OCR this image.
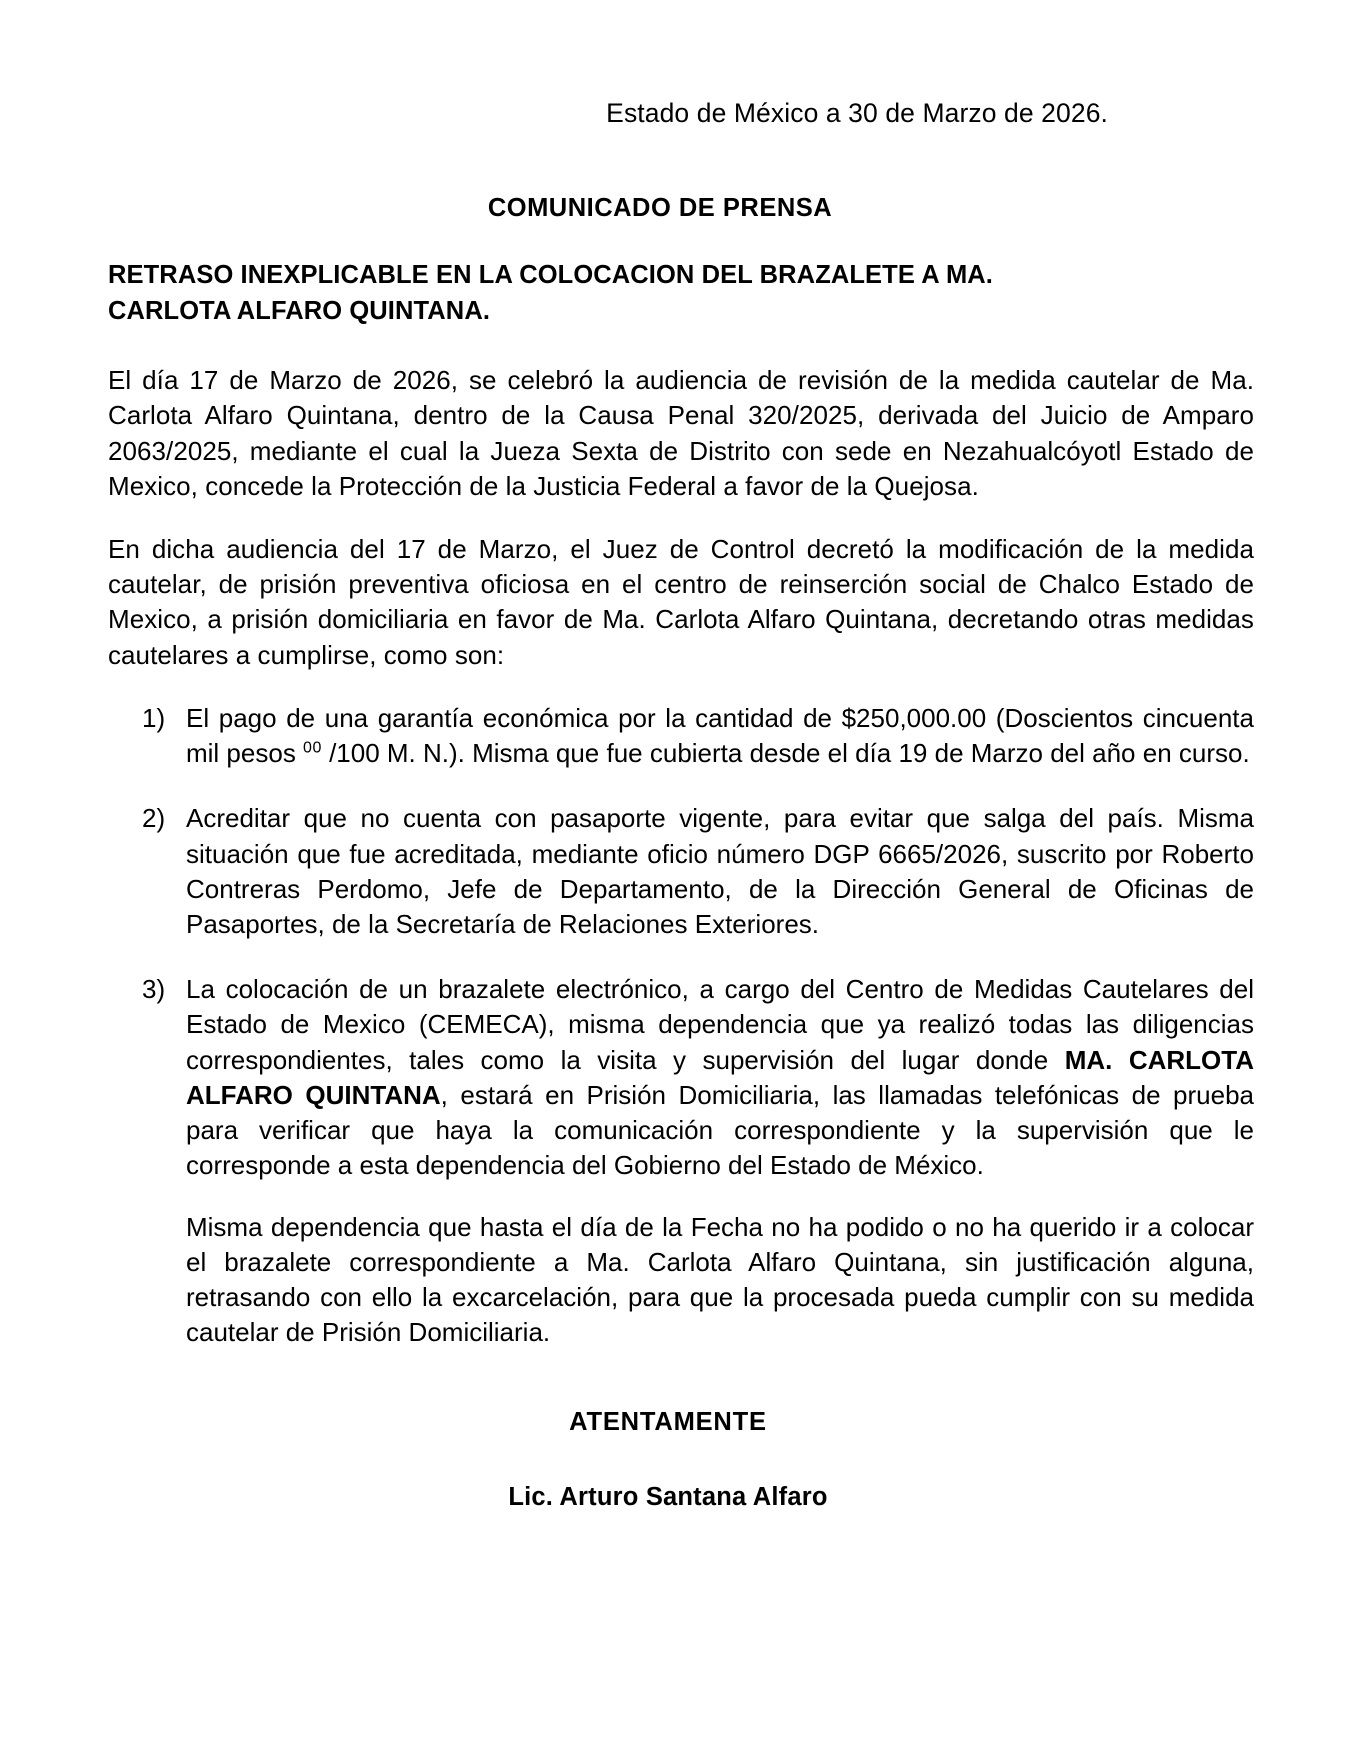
Estado de México a 30 de Marzo de 2026.
COMUNICADO DE PRENSA
RETRASO INEXPLICABLE EN LA COLOCACION DEL BRAZALETE A MA.
CARLOTA ALFARO QUINTANA.

El día 17 de Marzo de 2026, se celebró la audiencia de revisión de la medida cautelar de Ma. Carlota Alfaro Quintana, dentro de la Causa Penal 320/2025, derivada del Juicio de Amparo 2063/2025, mediante el cual la Jueza Sexta de Distrito con sede en Nezahualcóyotl Estado de Mexico, concede la Protección de la Justicia Federal a favor de la Quejosa.

En dicha audiencia del 17 de Marzo, el Juez de Control decretó la modificación de la medida cautelar, de prisión preventiva oficiosa en el centro de reinserción social de Chalco Estado de Mexico, a prisión domiciliaria en favor de Ma. Carlota Alfaro Quintana, decretando otras medidas cautelares a cumplirse, como son:

1) El pago de una garantía económica por la cantidad de $250,000.00 (Doscientos cincuenta mil pesos $^{00}$ /100 M. N.). Misma que fue cubierta desde el día 19 de Marzo del año en curso.

2) Acreditar que no cuenta con pasaporte vigente, para evitar que salga del país. Misma situación que fue acreditada, mediante oficio número DGP 6665/2026, suscrito por Roberto Contreras Perdomo, Jefe de Departamento, de la Dirección General de Oficinas de Pasaportes, de la Secretaría de Relaciones Exteriores.

3) La colocación de un brazalete electrónico, a cargo del Centro de Medidas Cautelares del Estado de Mexico (CEMECA), misma dependencia que ya realizó todas las diligencias correspondientes, tales como la visita y supervisión del lugar donde MA. CARLOTA ALFARO QUINTANA, estará en Prisión Domiciliaria, las llamadas telefónicas de prueba para verificar que haya la comunicación correspondiente y la supervisión que le corresponde a esta dependencia del Gobierno del Estado de México.

Misma dependencia que hasta el día de la Fecha no ha podido o no ha querido ir a colocar el brazalete correspondiente a Ma. Carlota Alfaro Quintana, sin justificación alguna, retrasando con ello la excarcelación, para que la procesada pueda cumplir con su medida cautelar de Prisión Domiciliaria.

ATENTAMENTE
Lic. Arturo Santana Alfaro
